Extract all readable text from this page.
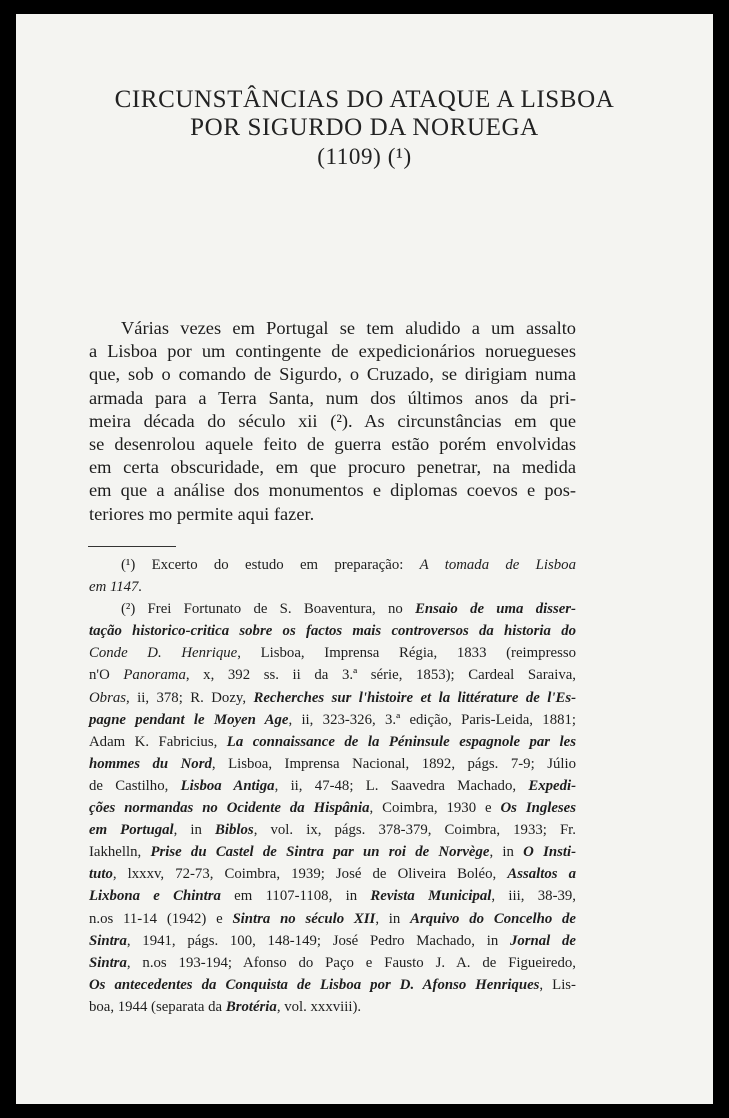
CIRCUNSTÂNCIAS DO ATAQUE A LISBOA
POR SIGURDO DA NORUEGA
(1109) (¹)
Várias vezes em Portugal se tem aludido a um assalto
a Lisboa por um contingente de expedicionários noruegueses
que, sob o comando de Sigurdo, o Cruzado, se dirigiam numa
armada para a Terra Santa, num dos últimos anos da pri-
meira década do século xii (²). As circunstâncias em que
se desenrolou aquele feito de guerra estão porém envolvidas
em certa obscuridade, em que procuro penetrar, na medida
em que a análise dos monumentos e diplomas coevos e pos-
teriores mo permite aqui fazer.
(¹) Excerto do estudo em preparação: A tomada de Lisboa
em 1147.
(²) Frei Fortunato de S. Boaventura, no Ensaio de uma disser-
tação historico-critica sobre os factos mais controversos da historia do
Conde D. Henrique, Lisboa, Imprensa Régia, 1833 (reimpresso
n'O Panorama, x, 392 ss. ii da 3.ª série, 1853); Cardeal Saraiva,
Obras, ii, 378; R. Dozy, Recherches sur l'histoire et la littérature de l'Es-
pagne pendant le Moyen Age, ii, 323-326, 3.ª edição, Paris-Leida, 1881;
Adam K. Fabricius, La connaissance de la Péninsule espagnole par les
hommes du Nord, Lisboa, Imprensa Nacional, 1892, págs. 7-9; Júlio
de Castilho, Lisboa Antiga, ii, 47-48; L. Saavedra Machado, Expedi-
ções normandas no Ocidente da Hispânia, Coimbra, 1930 e Os Ingleses
em Portugal, in Biblos, vol. ix, págs. 378-379, Coimbra, 1933; Fr.
Iakhelln, Prise du Castel de Sintra par un roi de Norvège, in O Insti-
tuto, lxxxv, 72-73, Coimbra, 1939; José de Oliveira Boléo, Assaltos a
Lixbona e Chintra em 1107-1108, in Revista Municipal, iii, 38-39,
n.os 11-14 (1942) e Sintra no século XII, in Arquivo do Concelho de
Sintra, 1941, págs. 100, 148-149; José Pedro Machado, in Jornal de
Sintra, n.os 193-194; Afonso do Paço e Fausto J. A. de Figueiredo,
Os antecedentes da Conquista de Lisboa por D. Afonso Henriques, Lis-
boa, 1944 (separata da Brotéria, vol. xxxviii).
